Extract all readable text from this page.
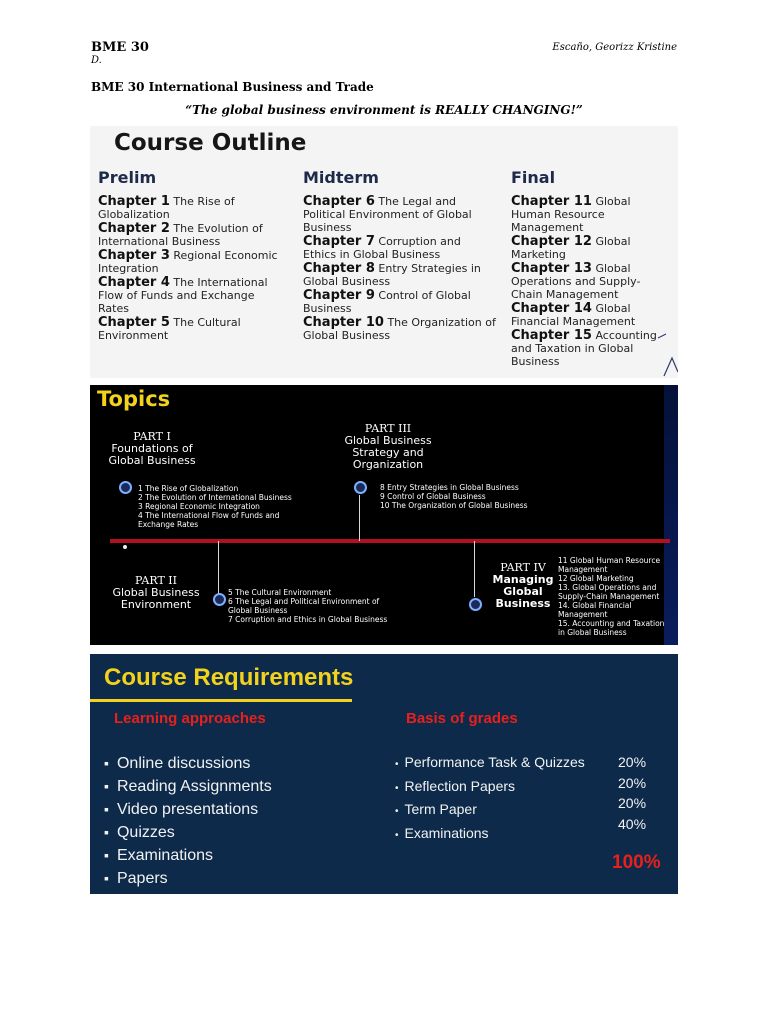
BME 30
D.
Escaño, Georizz Kristine
BME 30 International Business and Trade
“The global business environment is REALLY CHANGING!”
Course Outline
Prelim
Chapter 1 The Rise of Globalization
Chapter 2 The Evolution of International Business
Chapter 3 Regional Economic Integration
Chapter 4 The International Flow of Funds and Exchange Rates
Chapter 5 The Cultural Environment
Midterm
Chapter 6 The Legal and Political Environment of Global Business
Chapter 7 Corruption and Ethics in Global Business
Chapter 8 Entry Strategies in Global Business
Chapter 9 Control of Global Business
Chapter 10 The Organization of Global Business
Final
Chapter 11 Global Human Resource Management
Chapter 12 Global Marketing
Chapter 13 Global Operations and Supply-Chain Management
Chapter 14 Global Financial Management
Chapter 15 Accounting and Taxation in Global Business
Topics
PART I
Foundations of Global Business
1 The Rise of Globalization
2 The Evolution of International Business
3 Regional Economic Integration
4 The International Flow of Funds and Exchange Rates
PART III
Global Business Strategy and Organization
8 Entry Strategies in Global Business
9 Control of Global Business
10 The Organization of Global Business
PART II
Global Business Environment
5 The Cultural Environment
6 The Legal and Political Environment of Global Business
7 Corruption and Ethics in Global Business
PART IV
Managing Global Business
11 Global Human Resource Management
12 Global Marketing
13. Global Operations and Supply-Chain Management
14. Global Financial Management
15. Accounting and Taxation in Global Business
Course Requirements
Learning approaches	Basis of grades
▪ Online discussions
▪ Reading Assignments
▪ Video presentations
▪ Quizzes
▪ Examinations
▪ Papers
• Performance Task & Quizzes
• Reflection Papers
• Term Paper
• Examinations
20%
20%
20%
40%
100%
